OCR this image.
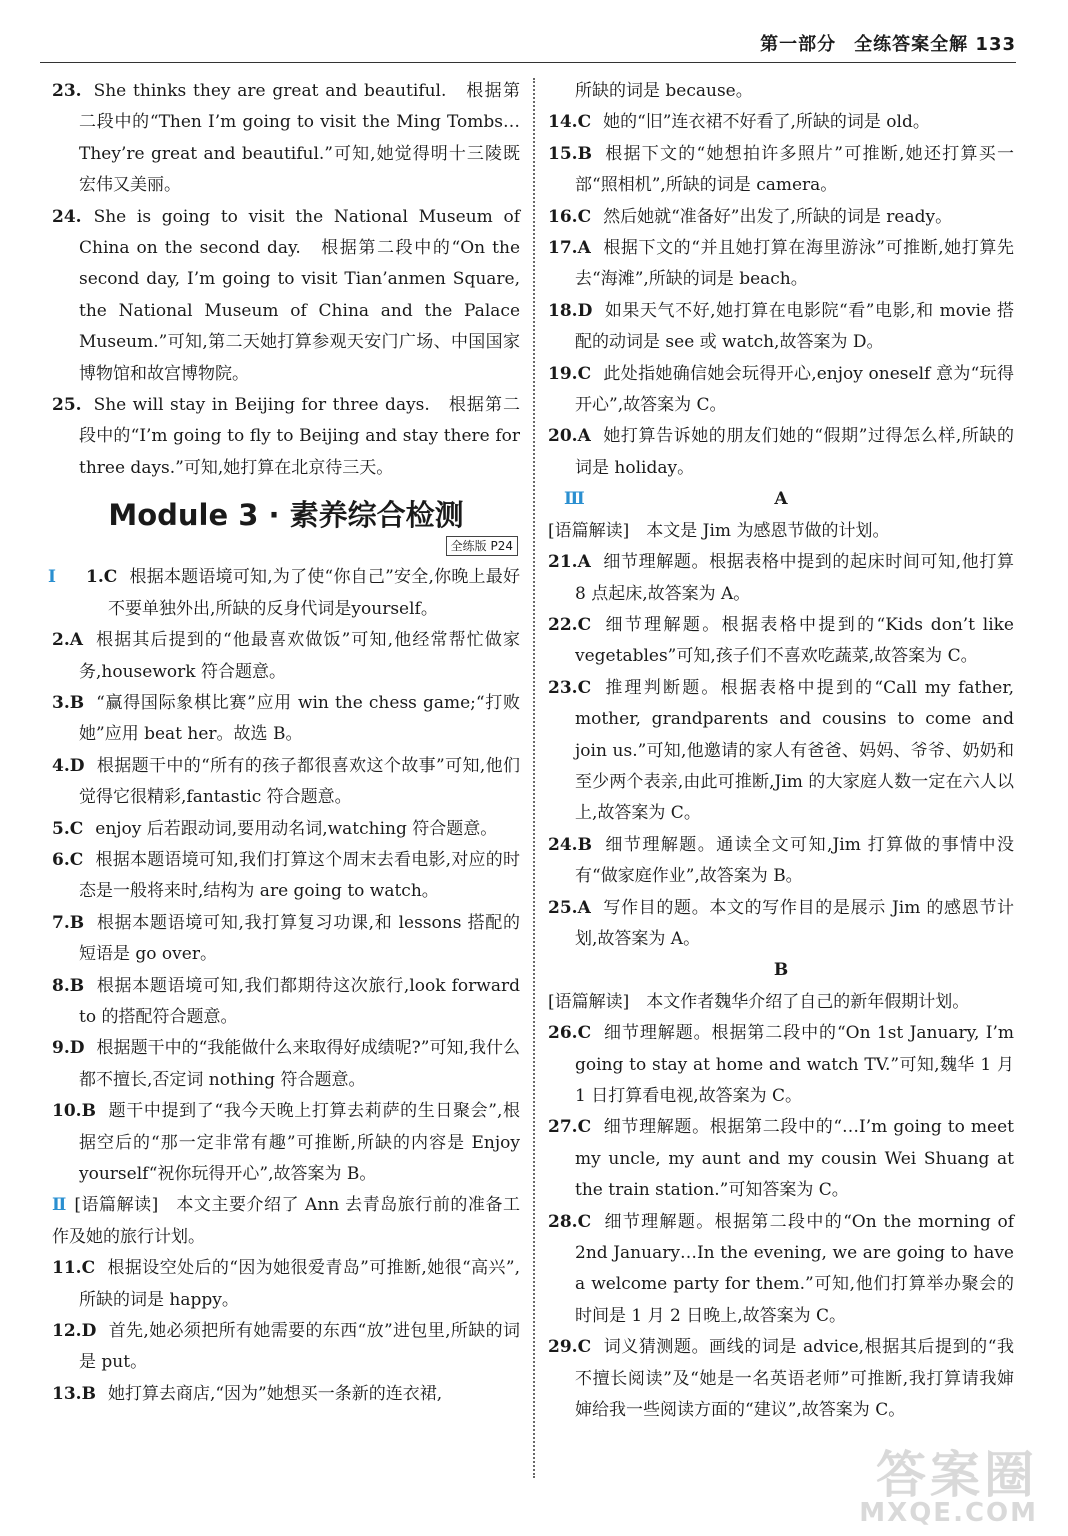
第一部分 全练答案全解 133

23. She thinks they are great and beautiful.　根据第二段中的“Then I’m going to visit the Ming Tombs… They’re great and beautiful.”可知,她觉得明十三陵既宏伟又美丽。

24. She is going to visit the National Museum of China on the second day.　根据第二段中的“On the second day, I’m going to visit Tian’anmen Square, the National Museum of China and the Palace Museum.”可知,第二天她打算参观天安门广场、中国国家博物馆和故宫博物院。

25. She will stay in Beijing for three days.　根据第二段中的“I’m going to fly to Beijing and stay there for three days.”可知,她打算在北京待三天。

Module 3 · 素养综合检测
全练版 P24

Ⅰ 1.C 根据本题语境可知,为了使“你自己”安全,你晚上最好不要单独外出,所缺的反身代词是yourself。

2.A 根据其后提到的“他最喜欢做饭”可知,他经常帮忙做家务,housework 符合题意。

3.B “赢得国际象棋比赛”应用 win the chess game;“打败她”应用 beat her。故选 B。

4.D 根据题干中的“所有的孩子都很喜欢这个故事”可知,他们觉得它很精彩,fantastic 符合题意。

5.C enjoy 后若跟动词,要用动名词,watching 符合题意。

6.C 根据本题语境可知,我们打算这个周末去看电影,对应的时态是一般将来时,结构为 are going to watch。

7.B 根据本题语境可知,我打算复习功课,和 lessons 搭配的短语是 go over。

8.B 根据本题语境可知,我们都期待这次旅行,look forward to 的搭配符合题意。

9.D 根据题干中的“我能做什么来取得好成绩呢?”可知,我什么都不擅长,否定词 nothing 符合题意。

10.B 题干中提到了“我今天晚上打算去莉萨的生日聚会”,根据空后的“那一定非常有趣”可推断,所缺的内容是 Enjoy yourself“祝你玩得开心”,故答案为 B。

Ⅱ [语篇解读]　本文主要介绍了 Ann 去青岛旅行前的准备工作及她的旅行计划。

11.C 根据设空处后的“因为她很爱青岛”可推断,她很“高兴”,所缺的词是 happy。

12.D 首先,她必须把所有她需要的东西“放”进包里,所缺的词是 put。

13.B 她打算去商店,“因为”她想买一条新的连衣裙,

所缺的词是 because。

14.C 她的“旧”连衣裙不好看了,所缺的词是 old。

15.B 根据下文的“她想拍许多照片”可推断,她还打算买一部“照相机”,所缺的词是 camera。

16.C 然后她就“准备好”出发了,所缺的词是 ready。

17.A 根据下文的“并且她打算在海里游泳”可推断,她打算先去“海滩”,所缺的词是 beach。

18.D 如果天气不好,她打算在电影院“看”电影,和 movie 搭配的动词是 see 或 watch,故答案为 D。

19.C 此处指她确信她会玩得开心,enjoy oneself 意为“玩得开心”,故答案为 C。

20.A 她打算告诉她的朋友们她的“假期”过得怎么样,所缺的词是 holiday。

Ⅲ	A

[语篇解读]　本文是 Jim 为感恩节做的计划。

21.A 细节理解题。根据表格中提到的起床时间可知,他打算 8 点起床,故答案为 A。

22.C 细节理解题。根据表格中提到的“Kids don’t like vegetables”可知,孩子们不喜欢吃蔬菜,故答案为 C。

23.C 推理判断题。根据表格中提到的“Call my father, mother, grandparents and cousins to come and join us.”可知,他邀请的家人有爸爸、妈妈、爷爷、奶奶和至少两个表亲,由此可推断,Jim 的大家庭人数一定在六人以上,故答案为 C。

24.B 细节理解题。通读全文可知,Jim 打算做的事情中没有“做家庭作业”,故答案为 B。

25.A 写作目的题。本文的写作目的是展示 Jim 的感恩节计划,故答案为 A。

B

[语篇解读]　本文作者魏华介绍了自己的新年假期计划。

26.C 细节理解题。根据第二段中的“On 1st January, I’m going to stay at home and watch TV.”可知,魏华 1 月 1 日打算看电视,故答案为 C。

27.C 细节理解题。根据第二段中的“…I’m going to meet my uncle, my aunt and my cousin Wei Shuang at the train station.”可知答案为 C。

28.C 细节理解题。根据第二段中的“On the morning of 2nd January…In the evening, we are going to have a welcome party for them.”可知,他们打算举办聚会的时间是 1 月 2 日晚上,故答案为 C。

29.C 词义猜测题。画线的词是 advice,根据其后提到的“我不擅长阅读”及“她是一名英语老师”可推断,我打算请我婶婶给我一些阅读方面的“建议”,故答案为 C。

答案圈
MXQE.COM
